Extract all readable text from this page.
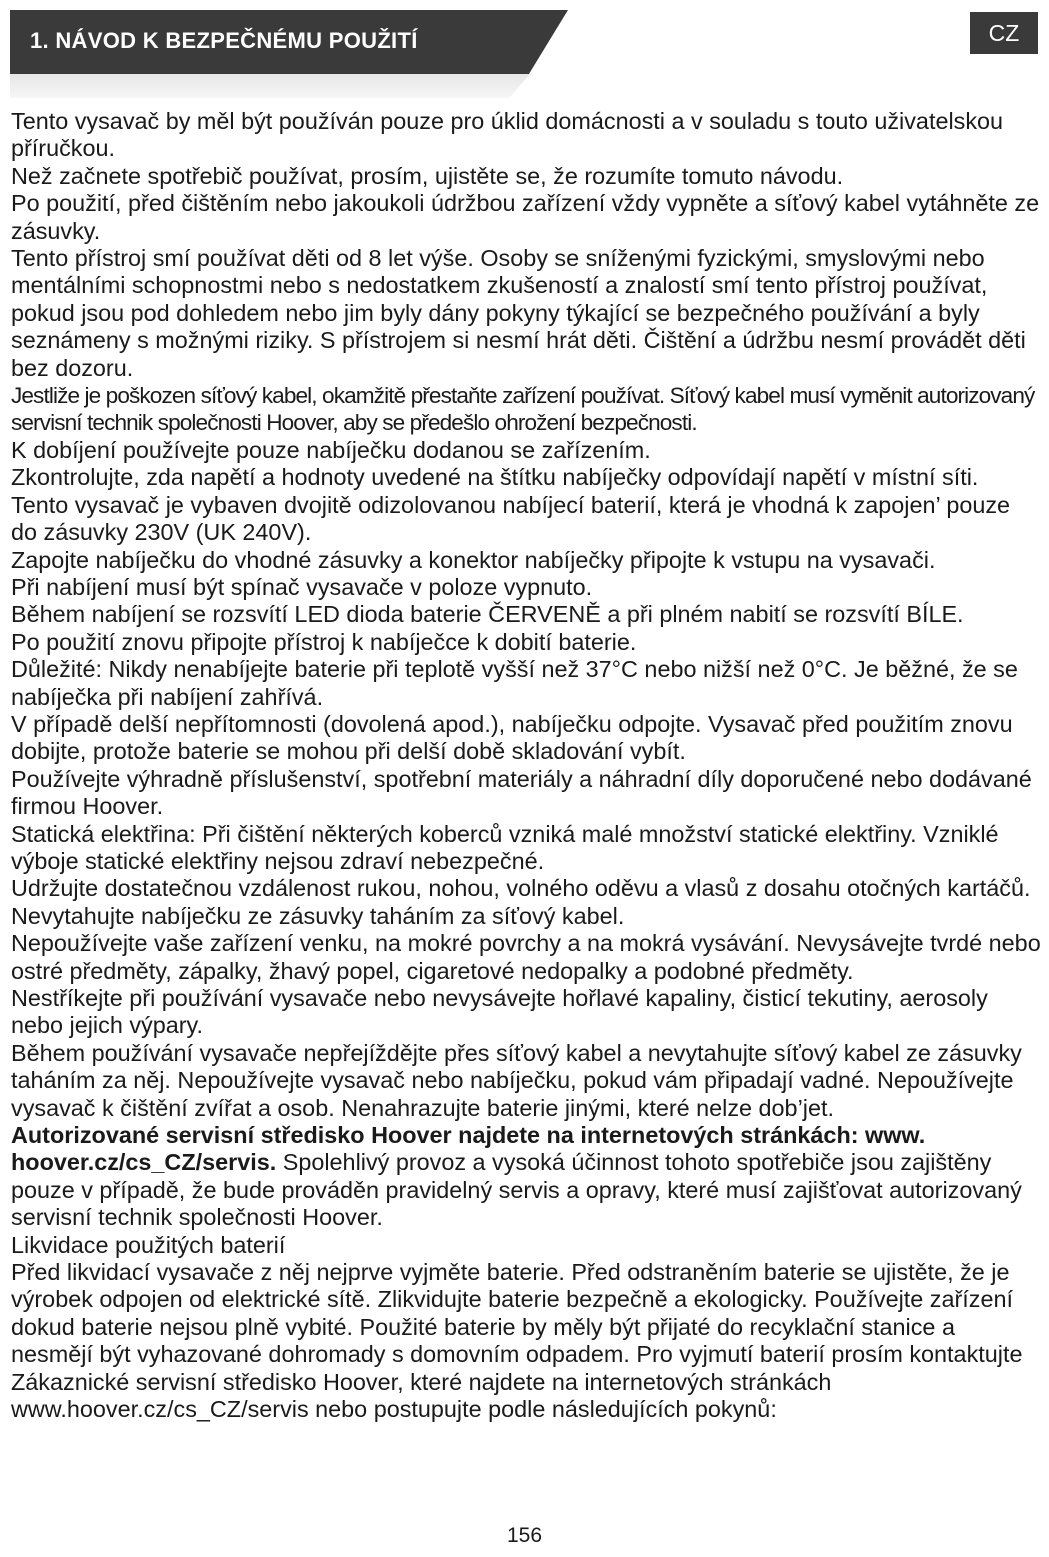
1. NÁVOD K BEZPEČNÉMU POUŽITÍ	CZ

Tento vysavač by měl být používán pouze pro úklid domácnosti a v souladu s touto uživatelskou příručkou.

Než začnete spotřebič používat, prosím, ujistěte se, že rozumíte tomuto návodu.

Po použití, před čištěním nebo jakoukoli údržbou zařízení vždy vypněte a síťový kabel vytáhněte ze zásuvky.

Tento přístroj smí používat děti od 8 let výše. Osoby se sníženými fyzickými, smyslovými nebo mentálními schopnostmi nebo s nedostatkem zkušeností a znalostí smí tento přístroj používat, pokud jsou pod dohledem nebo jim byly dány pokyny týkající se bezpečného používání a byly seznámeny s možnými riziky. S přístrojem si nesmí hrát děti. Čištění a údržbu nesmí provádět děti bez dozoru.

Jestliže je poškozen síťový kabel, okamžitě přestaňte zařízení používat. Síťový kabel musí vyměnit autorizovaný servisní technik společnosti Hoover, aby se předešlo ohrožení bezpečnosti.

K dobíjení používejte pouze nabíječku dodanou se zařízením.

Zkontrolujte, zda napětí a hodnoty uvedené na štítku nabíječky odpovídají napětí v místní síti. Tento vysavač je vybaven dvojitě odizolovanou nabíjecí baterií, která je vhodná k zapojen’ pouze do zásuvky 230V (UK 240V).

Zapojte nabíječku do vhodné zásuvky a konektor nabíječky připojte k vstupu na vysavači.

Při nabíjení musí být spínač vysavače v poloze vypnuto.

Během nabíjení se rozsvítí LED dioda baterie ČERVENĚ a při plném nabití se rozsvítí BÍLE.

Po použití znovu připojte přístroj k nabíječce k dobití baterie.

Důležité: Nikdy nenabíjejte baterie při teplotě vyšší než 37°C nebo nižší než 0°C. Je běžné, že se nabíječka při nabíjení zahřívá.

V případě delší nepřítomnosti (dovolená apod.), nabíječku odpojte. Vysavač před použitím znovu dobijte, protože baterie se mohou při delší době skladování vybít.

Používejte výhradně příslušenství, spotřební materiály a náhradní díly doporučené nebo dodávané firmou Hoover.

Statická elektřina: Při čištění některých koberců vzniká malé množství statické elektřiny. Vzniklé výboje statické elektřiny nejsou zdraví nebezpečné.

Udržujte dostatečnou vzdálenost rukou, nohou, volného oděvu a vlasů z dosahu otočných kartáčů.

Nevytahujte nabíječku ze zásuvky taháním za síťový kabel.

Nepoužívejte vaše zařízení venku, na mokré povrchy a na mokrá vysávání. Nevysávejte tvrdé nebo ostré předměty, zápalky, žhavý popel, cigaretové nedopalky a podobné předměty.

Nestříkejte při používání vysavače nebo nevysávejte hořlavé kapaliny, čisticí tekutiny, aerosoly nebo jejich výpary.

Během používání vysavače nepřejíždějte přes síťový kabel a nevytahujte síťový kabel ze zásuvky taháním za něj. Nepoužívejte vysavač nebo nabíječku, pokud vám připadají vadné. Nepoužívejte vysavač k čištění zvířat a osob. Nenahrazujte baterie jinými, které nelze dob’jet.

Autorizované servisní středisko Hoover najdete na internetových stránkách: www. hoover.cz/cs_CZ/servis. Spolehlivý provoz a vysoká účinnost tohoto spotřebiče jsou zajištěny pouze v případě, že bude prováděn pravidelný servis a opravy, které musí zajišťovat autorizovaný servisní technik společnosti Hoover.

Likvidace použitých baterií

Před likvidací vysavače z něj nejprve vyjměte baterie. Před odstraněním baterie se ujistěte, že je výrobek odpojen od elektrické sítě. Zlikvidujte baterie bezpečně a ekologicky. Používejte zařízení dokud baterie nejsou plně vybité. Použité baterie by měly být přijaté do recyklační stanice a nesmějí být vyhazované dohromady s domovním odpadem. Pro vyjmutí baterií prosím kontaktujte Zákaznické servisní středisko Hoover, které najdete na internetových stránkách www.hoover.cz/cs_CZ/servis nebo postupujte podle následujících pokynů:

156
